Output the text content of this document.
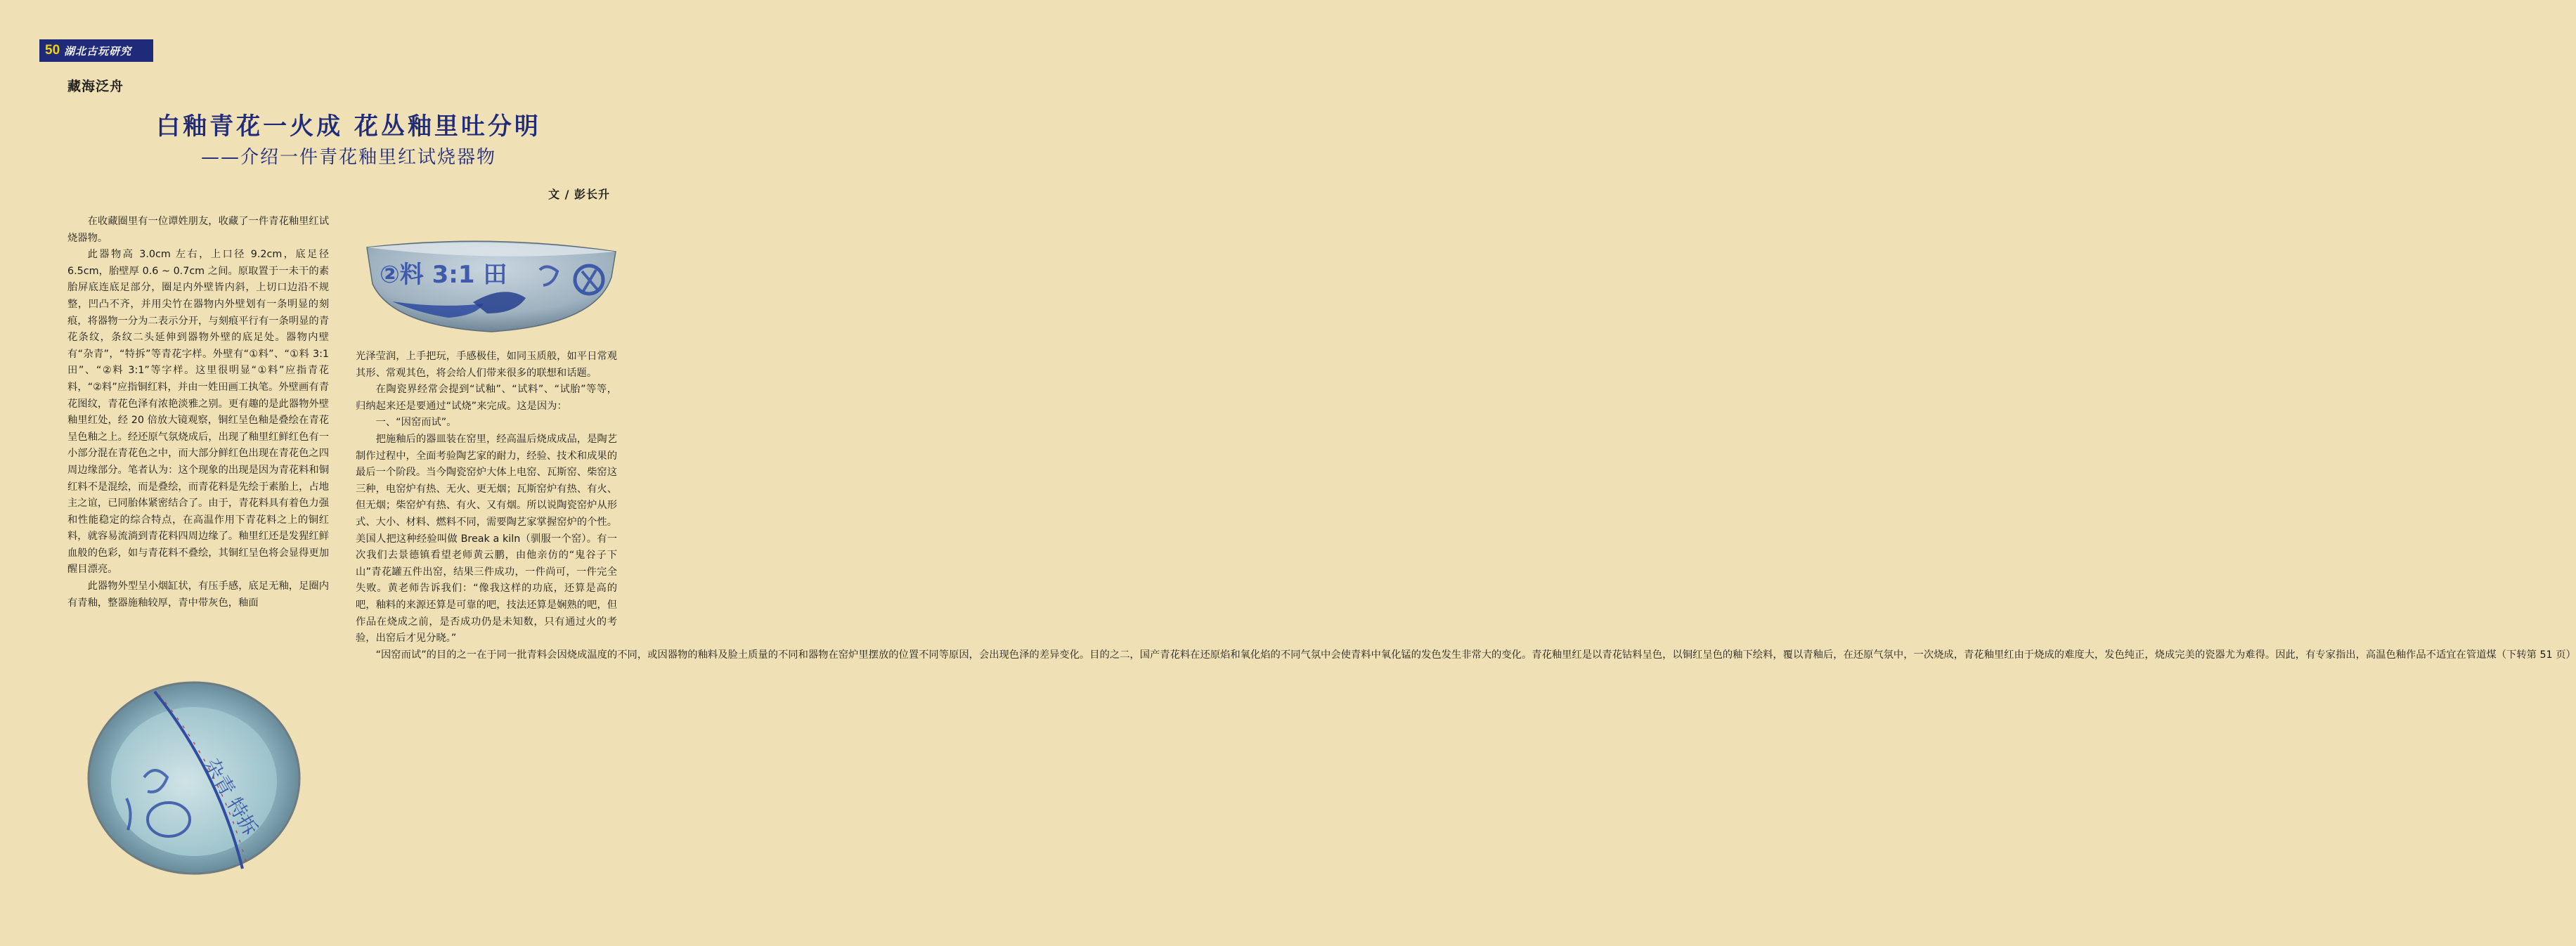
50 湖北古玩研究
藏海泛舟
白釉青花一火成 花丛釉里吐分明
——介绍一件青花釉里红试烧器物
文 / 彭长升

在收藏圈里有一位谭姓朋友，收藏了一件青花釉里红试烧器物。

此器物高 3.0cm 左右，上口径 9.2cm，底足径 6.5cm，胎壁厚 0.6 ~ 0.7cm 之间。原取置于一未干的素胎屏底连底足部分，圈足内外壁皆内斜，上切口边沿不规整，凹凸不齐，并用尖竹在器物内外壁划有一条明显的刻痕，将器物一分为二表示分开，与刻痕平行有一条明显的青花条纹，条纹二头延伸到器物外壁的底足处。器物内壁有“杂青”，“特拆”等青花字样。外壁有“①料”、“①料 3:1 田”、“②料 3:1”等字样。这里很明显“①料”应指青花料，“②料”应指铜红料，并由一姓田画工执笔。外壁画有青花图纹，青花色泽有浓艳淡雅之别。更有趣的是此器物外壁釉里红处，经 20 倍放大镜观察，铜红呈色釉是叠绘在青花呈色釉之上。经还原气氛烧成后，出现了釉里红鲜红色有一小部分混在青花色之中，而大部分鲜红色出现在青花色之四周边缘部分。笔者认为：这个现象的出现是因为青花料和铜红料不是混绘，而是叠绘，而青花料是先绘于素胎上，占地主之谊，已同胎体紧密结合了。由于，青花料具有着色力强和性能稳定的综合特点，在高温作用下青花料之上的铜红料，就容易流淌到青花料四周边缘了。釉里红还是发猩红鲜血般的色彩，如与青花料不叠绘，其铜红呈色将会显得更加醒目漂亮。

此器物外型呈小烟缸状，有压手感，底足无釉，足圈内有青釉，整器施釉较厚，青中带灰色，釉面

光泽莹润，上手把玩，手感极佳，如同玉质般，如平日常观其形、常观其色，将会给人们带来很多的联想和话题。

在陶瓷界经常会提到“试釉”、“试料”、“试胎”等等，归纳起来还是要通过“试烧”来完成。这是因为：

一、“因窑而试”。

把施釉后的器皿装在窑里，经高温后烧成成品，是陶艺制作过程中，全面考验陶艺家的耐力，经验、技术和成果的最后一个阶段。当今陶瓷窑炉大体上电窑、瓦斯窑、柴窑这三种，电窑炉有热、无火、更无烟；瓦斯窑炉有热、有火、但无烟；柴窑炉有热、有火、又有烟。所以说陶瓷窑炉从形式、大小、材料、燃料不同，需要陶艺家掌握窑炉的个性。美国人把这种经验叫做 Break a kiln（驯服一个窑）。有一次我们去景德镇看望老师黄云鹏，由他亲仿的“鬼谷子下山”青花罐五件出窑，结果三件成功，一件尚可，一件完全失败。黄老师告诉我们：“像我这样的功底，还算是高的吧，釉料的来源还算是可靠的吧，技法还算是娴熟的吧，但作品在烧成之前，是否成功仍是未知数，只有通过火的考验，出窑后才见分晓。”

“因窑而试”的目的之一在于同一批青料会因烧成温度的不同，或因器物的釉料及脸土质量的不同和器物在窑炉里摆放的位置不同等原因，会出现色泽的差异变化。目的之二，国产青花料在还原焰和氧化焰的不同气氛中会使青料中氧化锰的发色发生非常大的变化。青花釉里红是以青花钴料呈色，以铜红呈色的釉下绘料，覆以青釉后，在还原气氛中，一次烧成，青花釉里红由于烧成的难度大，发色纯正，烧成完美的瓷器尤为难得。因此，有专家指出，高温色釉作品不适宜在管道煤（下转第 51 页）

②料 3:1 田
杂青 特拆
